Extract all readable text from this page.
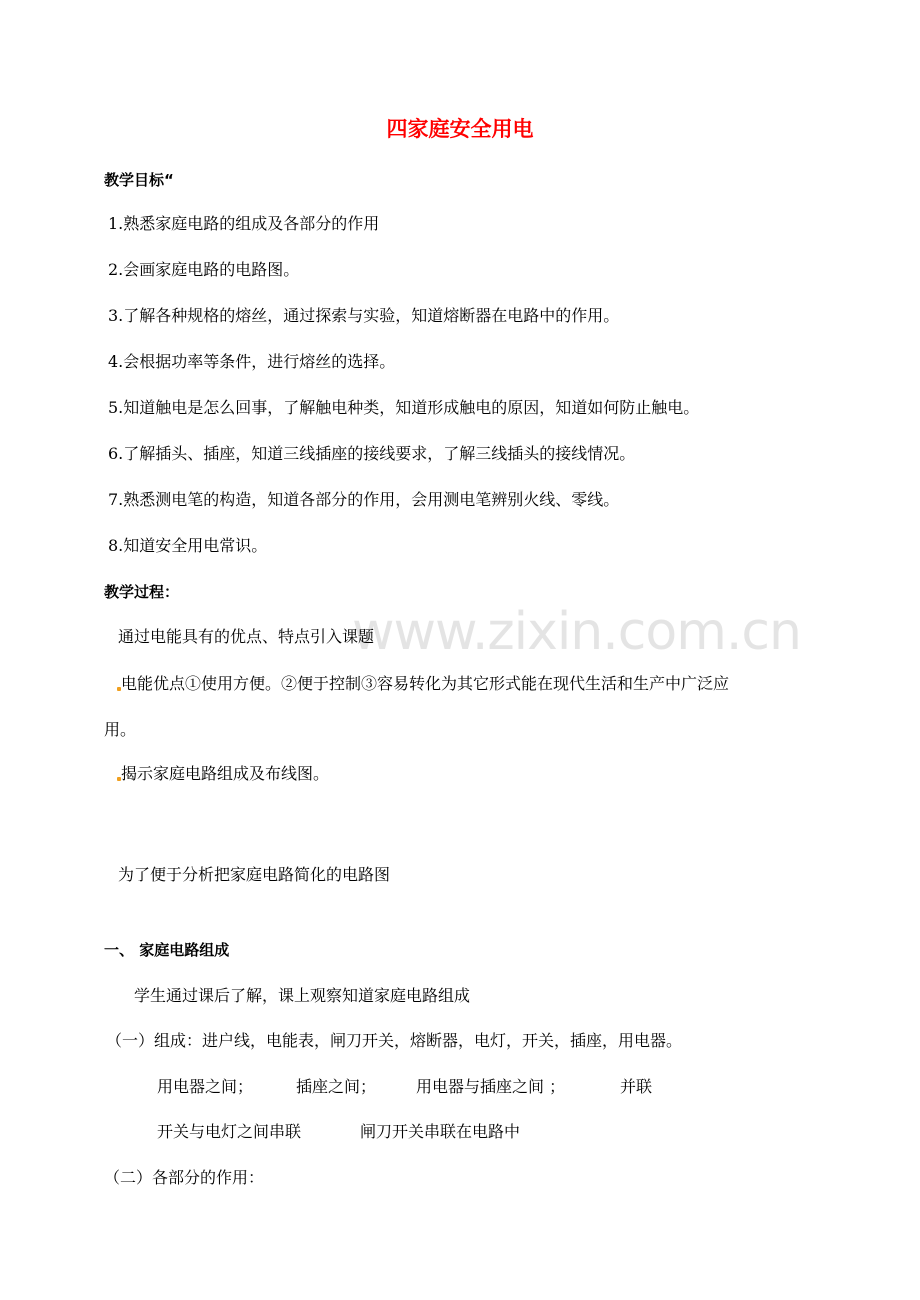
www.zixin.com.cn
四家庭安全用电
教学目标“
1.熟悉家庭电路的组成及各部分的作用
2.会画家庭电路的电路图。
3.了解各种规格的熔丝，通过探索与实验，知道熔断器在电路中的作用。
4.会根据功率等条件，进行熔丝的选择。
5.知道触电是怎么回事，了解触电种类，知道形成触电的原因，知道如何防止触电。
6.了解插头、插座，知道三线插座的接线要求，了解三线插头的接线情况。
7.熟悉测电笔的构造，知道各部分的作用，会用测电笔辨别火线、零线。
8.知道安全用电常识。
教学过程：
通过电能具有的优点、特点引入课题
电能优点①使用方便。②便于控制③容易转化为其它形式能在现代生活和生产中广泛应
用。
揭示家庭电路组成及布线图。
为了便于分析把家庭电路简化的电路图
一、 家庭电路组成
学生通过课后了解，课上观察知道家庭电路组成
（一）组成：进户线，电能表，闸刀开关，熔断器，电灯，开关，插座，用电器。
用电器之间；	插座之间； 用电器与插座之间 ；	并联
开关与电灯之间串联	闸刀开关串联在电路中
（二）各部分的作用：
